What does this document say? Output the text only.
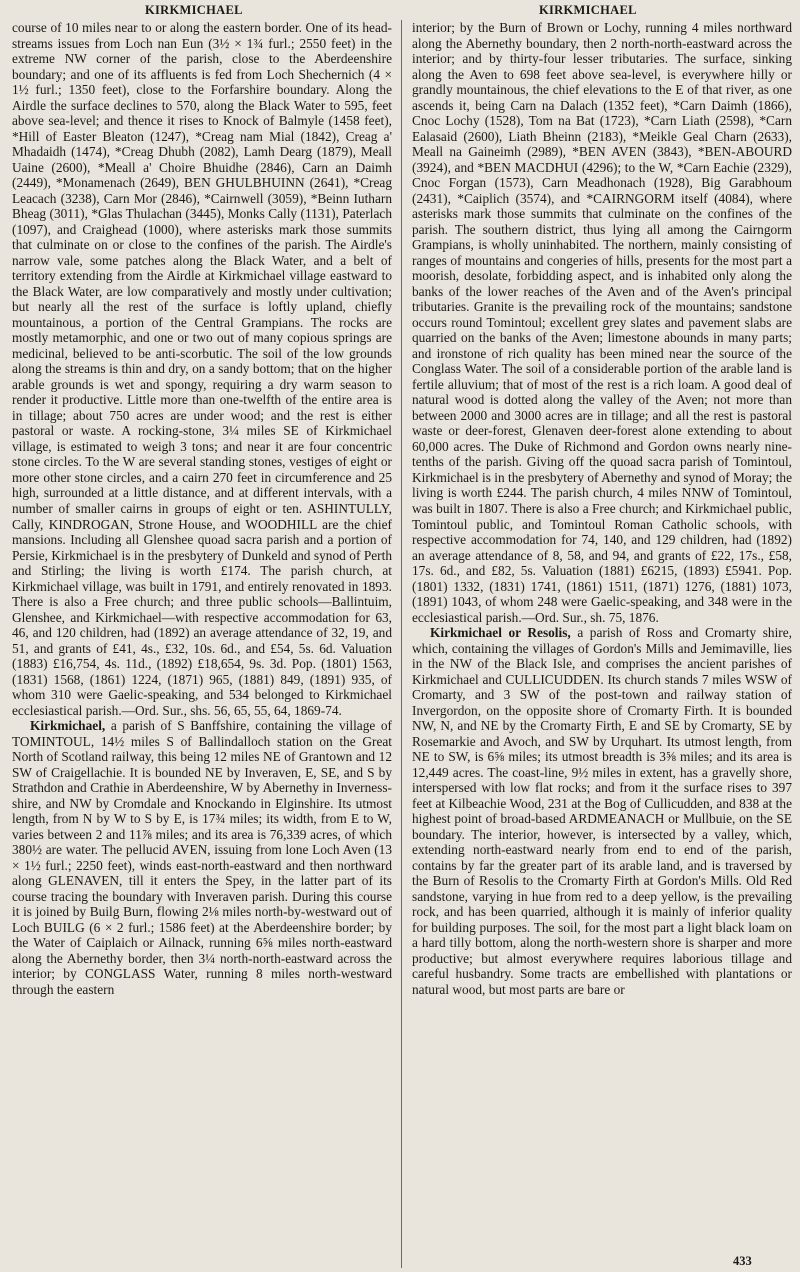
KIRKMICHAEL	KIRKMICHAEL

course of 10 miles near to or along the eastern border. One of its head-streams issues from Loch nan Eun (3½ × 1¾ furl.; 2550 feet) in the extreme NW corner of the parish, close to the Aberdeenshire boundary; and one of its affluents is fed from Loch Shechernich (4 × 1½ furl.; 1350 feet), close to the Forfarshire boundary. Along the Airdle the surface declines to 570, along the Black Water to 595, feet above sea-level; and thence it rises to Knock of Balmyle (1458 feet), *Hill of Easter Bleaton (1247), *Creag nam Mial (1842), Creag a' Mhadaidh (1474), *Creag Dhubh (2082), Lamh Dearg (1879), Meall Uaine (2600), *Meall a' Choire Bhuidhe (2846), Carn an Daimh (2449), *Monamenach (2649), BEN GHULBHUINN (2641), *Creag Leacach (3238), Carn Mor (2846), *Cairnwell (3059), *Beinn Iutharn Bheag (3011), *Glas Thulachan (3445), Monks Cally (1131), Paterlach (1097), and Craighead (1000), where asterisks mark those summits that culminate on or close to the confines of the parish. The Airdle's narrow vale, some patches along the Black Water, and a belt of territory extending from the Airdle at Kirkmichael village eastward to the Black Water, are low comparatively and mostly under cultivation; but nearly all the rest of the surface is loftly upland, chiefly mountainous, a portion of the Central Grampians. The rocks are mostly metamorphic, and one or two out of many copious springs are medicinal, believed to be anti-scorbutic. The soil of the low grounds along the streams is thin and dry, on a sandy bottom; that on the higher arable grounds is wet and spongy, requiring a dry warm season to render it productive. Little more than one-twelfth of the entire area is in tillage; about 750 acres are under wood; and the rest is either pastoral or waste. A rocking-stone, 3¼ miles SE of Kirkmichael village, is estimated to weigh 3 tons; and near it are four concentric stone circles. To the W are several standing stones, vestiges of eight or more other stone circles, and a cairn 270 feet in circumference and 25 high, surrounded at a little distance, and at different intervals, with a number of smaller cairns in groups of eight or ten. ASHINTULLY, Cally, KINDROGAN, Strone House, and WOODHILL are the chief mansions. Including all Glenshee quoad sacra parish and a portion of Persie, Kirkmichael is in the presbytery of Dunkeld and synod of Perth and Stirling; the living is worth £174. The parish church, at Kirkmichael village, was built in 1791, and entirely renovated in 1893. There is also a Free church; and three public schools—Ballintuim, Glenshee, and Kirkmichael—with respective accommodation for 63, 46, and 120 children, had (1892) an average attendance of 32, 19, and 51, and grants of £41, 4s., £32, 10s. 6d., and £54, 5s. 6d. Valuation (1883) £16,754, 4s. 11d., (1892) £18,654, 9s. 3d. Pop. (1801) 1563, (1831) 1568, (1861) 1224, (1871) 965, (1881) 849, (1891) 935, of whom 310 were Gaelic-speaking, and 534 belonged to Kirkmichael ecclesiastical parish.—Ord. Sur., shs. 56, 65, 55, 64, 1869-74.

Kirkmichael, a parish of S Banffshire, containing the village of TOMINTOUL, 14½ miles S of Ballindalloch station on the Great North of Scotland railway, this being 12 miles NE of Grantown and 12 SW of Craigellachie. It is bounded NE by Inveraven, E, SE, and S by Strathdon and Crathie in Aberdeenshire, W by Abernethy in Inverness-shire, and NW by Cromdale and Knockando in Elginshire. Its utmost length, from N by W to S by E, is 17¾ miles; its width, from E to W, varies between 2 and 11⅞ miles; and its area is 76,339 acres, of which 380½ are water. The pellucid AVEN, issuing from lone Loch Aven (13 × 1½ furl.; 2250 feet), winds east-north-eastward and then northward along GLENAVEN, till it enters the Spey, in the latter part of its course tracing the boundary with Inveraven parish. During this course it is joined by Builg Burn, flowing 2⅛ miles north-by-westward out of Loch BUILG (6 × 2 furl.; 1586 feet) at the Aberdeenshire border; by the Water of Caiplaich or Ailnack, running 6⅝ miles north-eastward along the Abernethy border, then 3¼ north-north-eastward across the interior; by CONGLASS Water, running 8 miles north-westward through the eastern

interior; by the Burn of Brown or Lochy, running 4 miles northward along the Abernethy boundary, then 2 north-north-eastward across the interior; and by thirty-four lesser tributaries. The surface, sinking along the Aven to 698 feet above sea-level, is everywhere hilly or grandly mountainous, the chief elevations to the E of that river, as one ascends it, being Carn na Dalach (1352 feet), *Carn Daimh (1866), Cnoc Lochy (1528), Tom na Bat (1723), *Carn Liath (2598), *Carn Ealasaid (2600), Liath Bheinn (2183), *Meikle Geal Charn (2633), Meall na Gaineimh (2989), *BEN AVEN (3843), *BEN-ABOURD (3924), and *BEN MACDHUI (4296); to the W, *Carn Eachie (2329), Cnoc Forgan (1573), Carn Meadhonach (1928), Big Garabhoum (2431), *Caiplich (3574), and *CAIRNGORM itself (4084), where asterisks mark those summits that culminate on the confines of the parish. The southern district, thus lying all among the Cairngorm Grampians, is wholly uninhabited. The northern, mainly consisting of ranges of mountains and congeries of hills, presents for the most part a moorish, desolate, forbidding aspect, and is inhabited only along the banks of the lower reaches of the Aven and of the Aven's principal tributaries. Granite is the prevailing rock of the mountains; sandstone occurs round Tomintoul; excellent grey slates and pavement slabs are quarried on the banks of the Aven; limestone abounds in many parts; and ironstone of rich quality has been mined near the source of the Conglass Water. The soil of a considerable portion of the arable land is fertile alluvium; that of most of the rest is a rich loam. A good deal of natural wood is dotted along the valley of the Aven; not more than between 2000 and 3000 acres are in tillage; and all the rest is pastoral waste or deer-forest, Glenaven deer-forest alone extending to about 60,000 acres. The Duke of Richmond and Gordon owns nearly nine-tenths of the parish. Giving off the quoad sacra parish of Tomintoul, Kirkmichael is in the presbytery of Abernethy and synod of Moray; the living is worth £244. The parish church, 4 miles NNW of Tomintoul, was built in 1807. There is also a Free church; and Kirkmichael public, Tomintoul public, and Tomintoul Roman Catholic schools, with respective accommodation for 74, 140, and 129 children, had (1892) an average attendance of 8, 58, and 94, and grants of £22, 17s., £58, 17s. 6d., and £82, 5s. Valuation (1881) £6215, (1893) £5941. Pop. (1801) 1332, (1831) 1741, (1861) 1511, (1871) 1276, (1881) 1073, (1891) 1043, of whom 248 were Gaelic-speaking, and 348 were in the ecclesiastical parish.—Ord. Sur., sh. 75, 1876.

Kirkmichael or Resolis, a parish of Ross and Cromarty shire, which, containing the villages of Gordon's Mills and Jemimaville, lies in the NW of the Black Isle, and comprises the ancient parishes of Kirkmichael and CULLICUDDEN. Its church stands 7 miles WSW of Cromarty, and 3 SW of the post-town and railway station of Invergordon, on the opposite shore of Cromarty Firth. It is bounded NW, N, and NE by the Cromarty Firth, E and SE by Cromarty, SE by Rosemarkie and Avoch, and SW by Urquhart. Its utmost length, from NE to SW, is 6⅝ miles; its utmost breadth is 3⅝ miles; and its area is 12,449 acres. The coast-line, 9½ miles in extent, has a gravelly shore, interspersed with low flat rocks; and from it the surface rises to 397 feet at Kilbeachie Wood, 231 at the Bog of Cullicudden, and 838 at the highest point of broad-based ARDMEANACH or Mullbuie, on the SE boundary. The interior, however, is intersected by a valley, which, extending north-eastward nearly from end to end of the parish, contains by far the greater part of its arable land, and is traversed by the Burn of Resolis to the Cromarty Firth at Gordon's Mills. Old Red sandstone, varying in hue from red to a deep yellow, is the prevailing rock, and has been quarried, although it is mainly of inferior quality for building purposes. The soil, for the most part a light black loam on a hard tilly bottom, along the north-western shore is sharper and more productive; but almost everywhere requires laborious tillage and careful husbandry. Some tracts are embellished with plantations or natural wood, but most parts are bare or

433
